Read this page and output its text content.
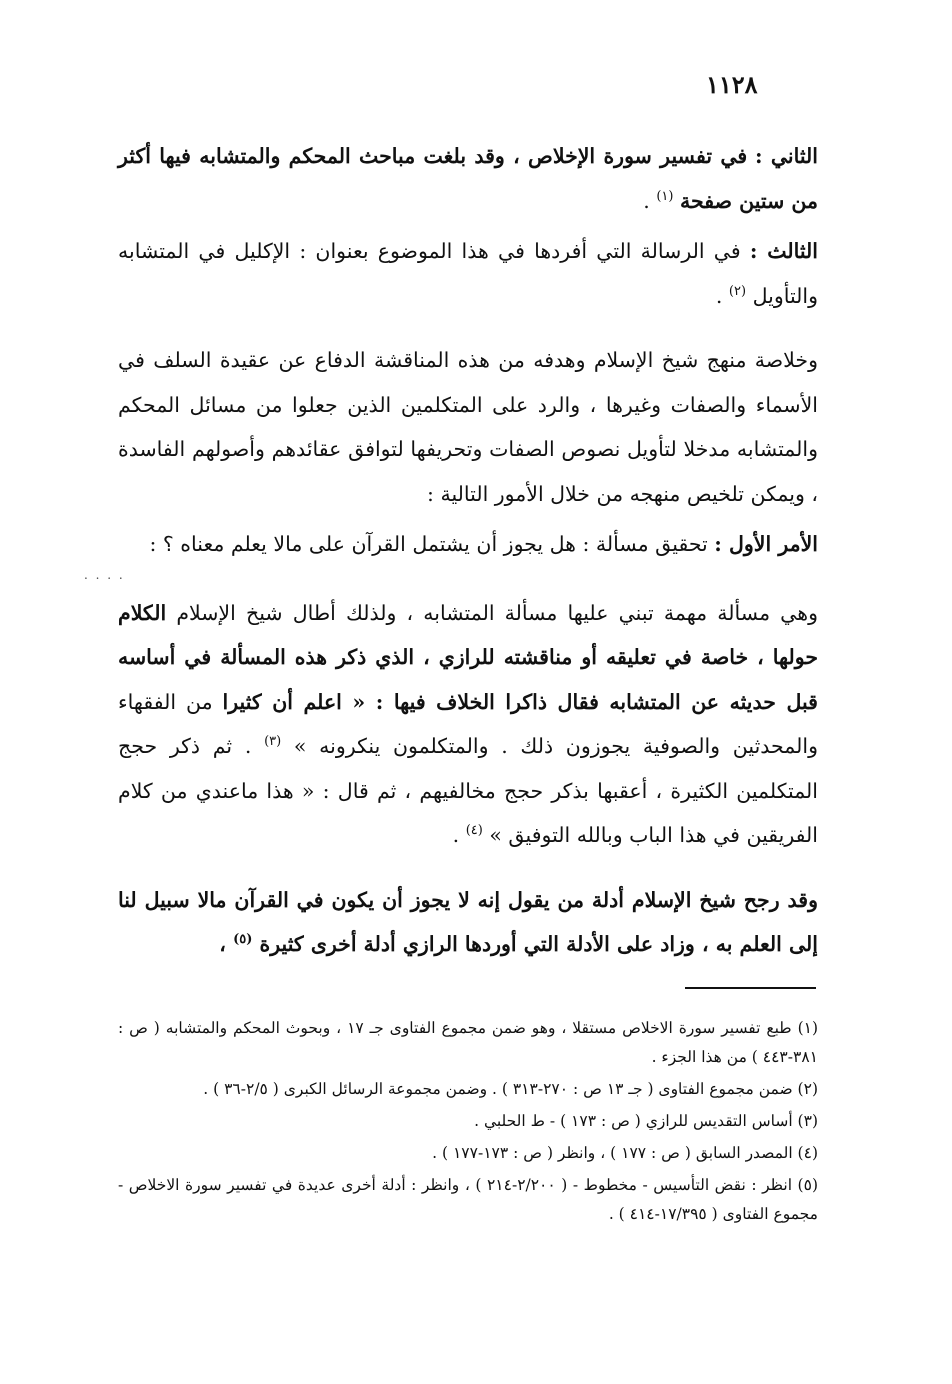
١١٢٨

الثاني : في تفسير سورة الإخلاص ، وقد بلغت مباحث المحكم والمتشابه فيها أكثر من ستين صفحة $^{(١)}$ .

الثالث : في الرسالة التي أفردها في هذا الموضوع بعنوان : الإكليل في المتشابه والتأويل $^{(٢)}$ .

وخلاصة منهج شيخ الإسلام وهدفه من هذه المناقشة الدفاع عن عقيدة السلف في الأسماء والصفات وغيرها ، والرد على المتكلمين الذين جعلوا من مسائل المحكم والمتشابه مدخلا لتأويل نصوص الصفات وتحريفها لتوافق عقائدهم وأصولهم الفاسدة ، ويمكن تلخيص منهجه من خلال الأمور التالية :

الأمر الأول : تحقيق مسألة : هل يجوز أن يشتمل القرآن على مالا يعلم معناه ؟ :

وهي مسألة مهمة تبني عليها مسألة المتشابه ، ولذلك أطال شيخ الإسلام الكلام حولها ، خاصة في تعليقه أو مناقشته للرازي ، الذي ذكر هذه المسألة في أساسه قبل حديثه عن المتشابه فقال ذاكرا الخلاف فيها : « اعلم أن كثيرا من الفقهاء والمحدثين والصوفية يجوزون ذلك . والمتكلمون ينكرونه » $^{(٣)}$ . ثم ذكر حجج المتكلمين الكثيرة ، أعقبها بذكر حجج مخالفيهم ، ثم قال : « هذا ماعندي من كلام الفريقين في هذا الباب وبالله التوفيق » $^{(٤)}$ .

وقد رجح شيخ الإسلام أدلة من يقول إنه لا يجوز أن يكون في القرآن مالا سبيل لنا إلى العلم به ، وزاد على الأدلة التي أوردها الرازي أدلة أخرى كثيرة $^{(٥)}$ ،

. . . .

(١) طبع تفسير سورة الاخلاص مستقلا ، وهو ضمن مجموع الفتاوى جـ ١٧ ، وبحوث المحكم والمتشابه ( ص : ٣٨١-٤٤٣ ) من هذا الجزء .

(٢) ضمن مجموع الفتاوى ( جـ ١٣ ص : ٢٧٠-٣١٣ ) . وضمن مجموعة الرسائل الكبرى ( ٢/٥-٣٦ ) .

(٣) أساس التقديس للرازي ( ص : ١٧٣ ) - ط الحلبي .

(٤) المصدر السابق ( ص : ١٧٧ ) ، وانظر ( ص : ١٧٣-١٧٧ ) .

(٥) انظر : نقض التأسيس - مخطوط - ( ٢/٢٠٠-٢١٤ ) ، وانظر : أدلة أخرى عديدة في تفسير سورة الاخلاص - مجموع الفتاوى ( ١٧/٣٩٥-٤١٤ ) .
